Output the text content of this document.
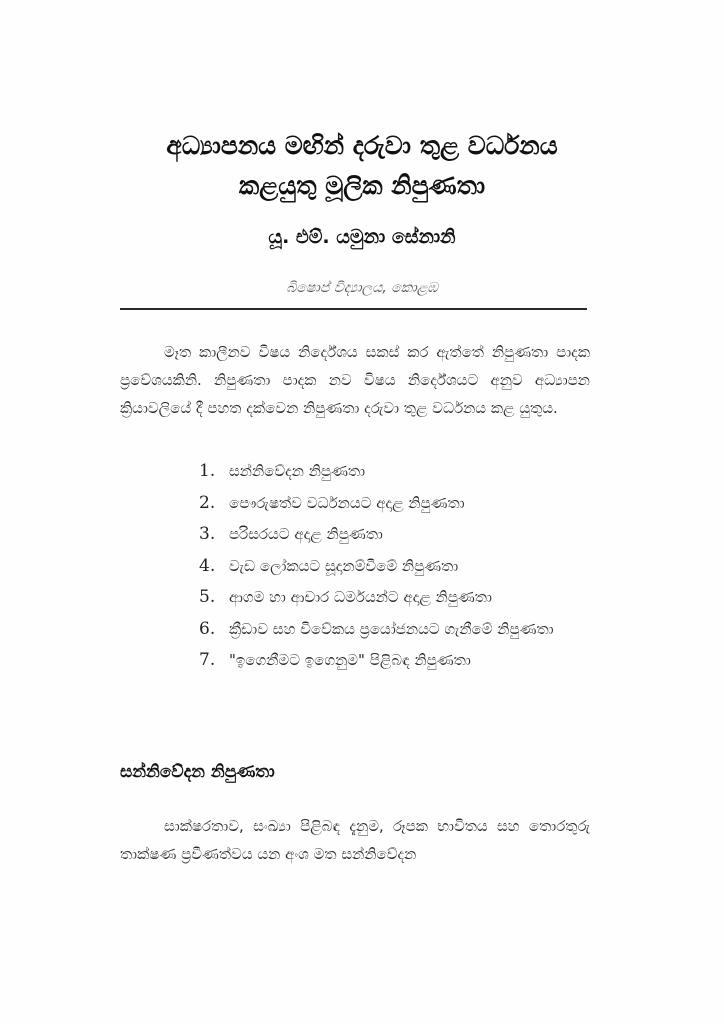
අධ්‍යාපනය මඟින් දරුවා තුළ වර්ධනය
කළයුතු මූලික නිපුණතා
යූ. එම්. යමුනා සේනානි
බිෂොප් විද්‍යාලය, කොළඹ

මෑත කාලීනව විෂය නිර්දේශය සකස් කර ඇත්තේ නිපුණතා පාදක ප්‍රවේශයකිනි. නිපුණතා පාදක නව විෂය නිර්දේශයට අනුව අධ්‍යාපන ක්‍රියාවලියේ දී පහත දක්වෙන නිපුණතා දරුවා තුළ වර්ධනය කළ යුතුය.

1. සන්නිවේදන නිපුණතා
2. පෞරුෂත්ව වර්ධනයට අදාළ නිපුණතා
3. පරිසරයට අදාළ නිපුණතා
4. වැඩ ලෝකයට සූදානම්වීමේ නිපුණතා
5. ආගම හා ආචාර ධර්මයන්ට අදාළ නිපුණතා
6. ක්‍රීඩාව සහ විවේකය ප්‍රයෝජනයට ගැනීමේ නිපුණතා
7. "ඉගෙනීමට ඉගෙනුම" පිළිබඳ නිපුණතා
සන්නිවේදන නිපුණතා

සාක්ෂරතාව, සංඛ්‍යා පිළිබඳ දැනුම, රූපක භාවිතය සහ තොරතුරු තාක්ෂණ ප්‍රවීණත්වය යන අංශ මත සන්නිවේදන
